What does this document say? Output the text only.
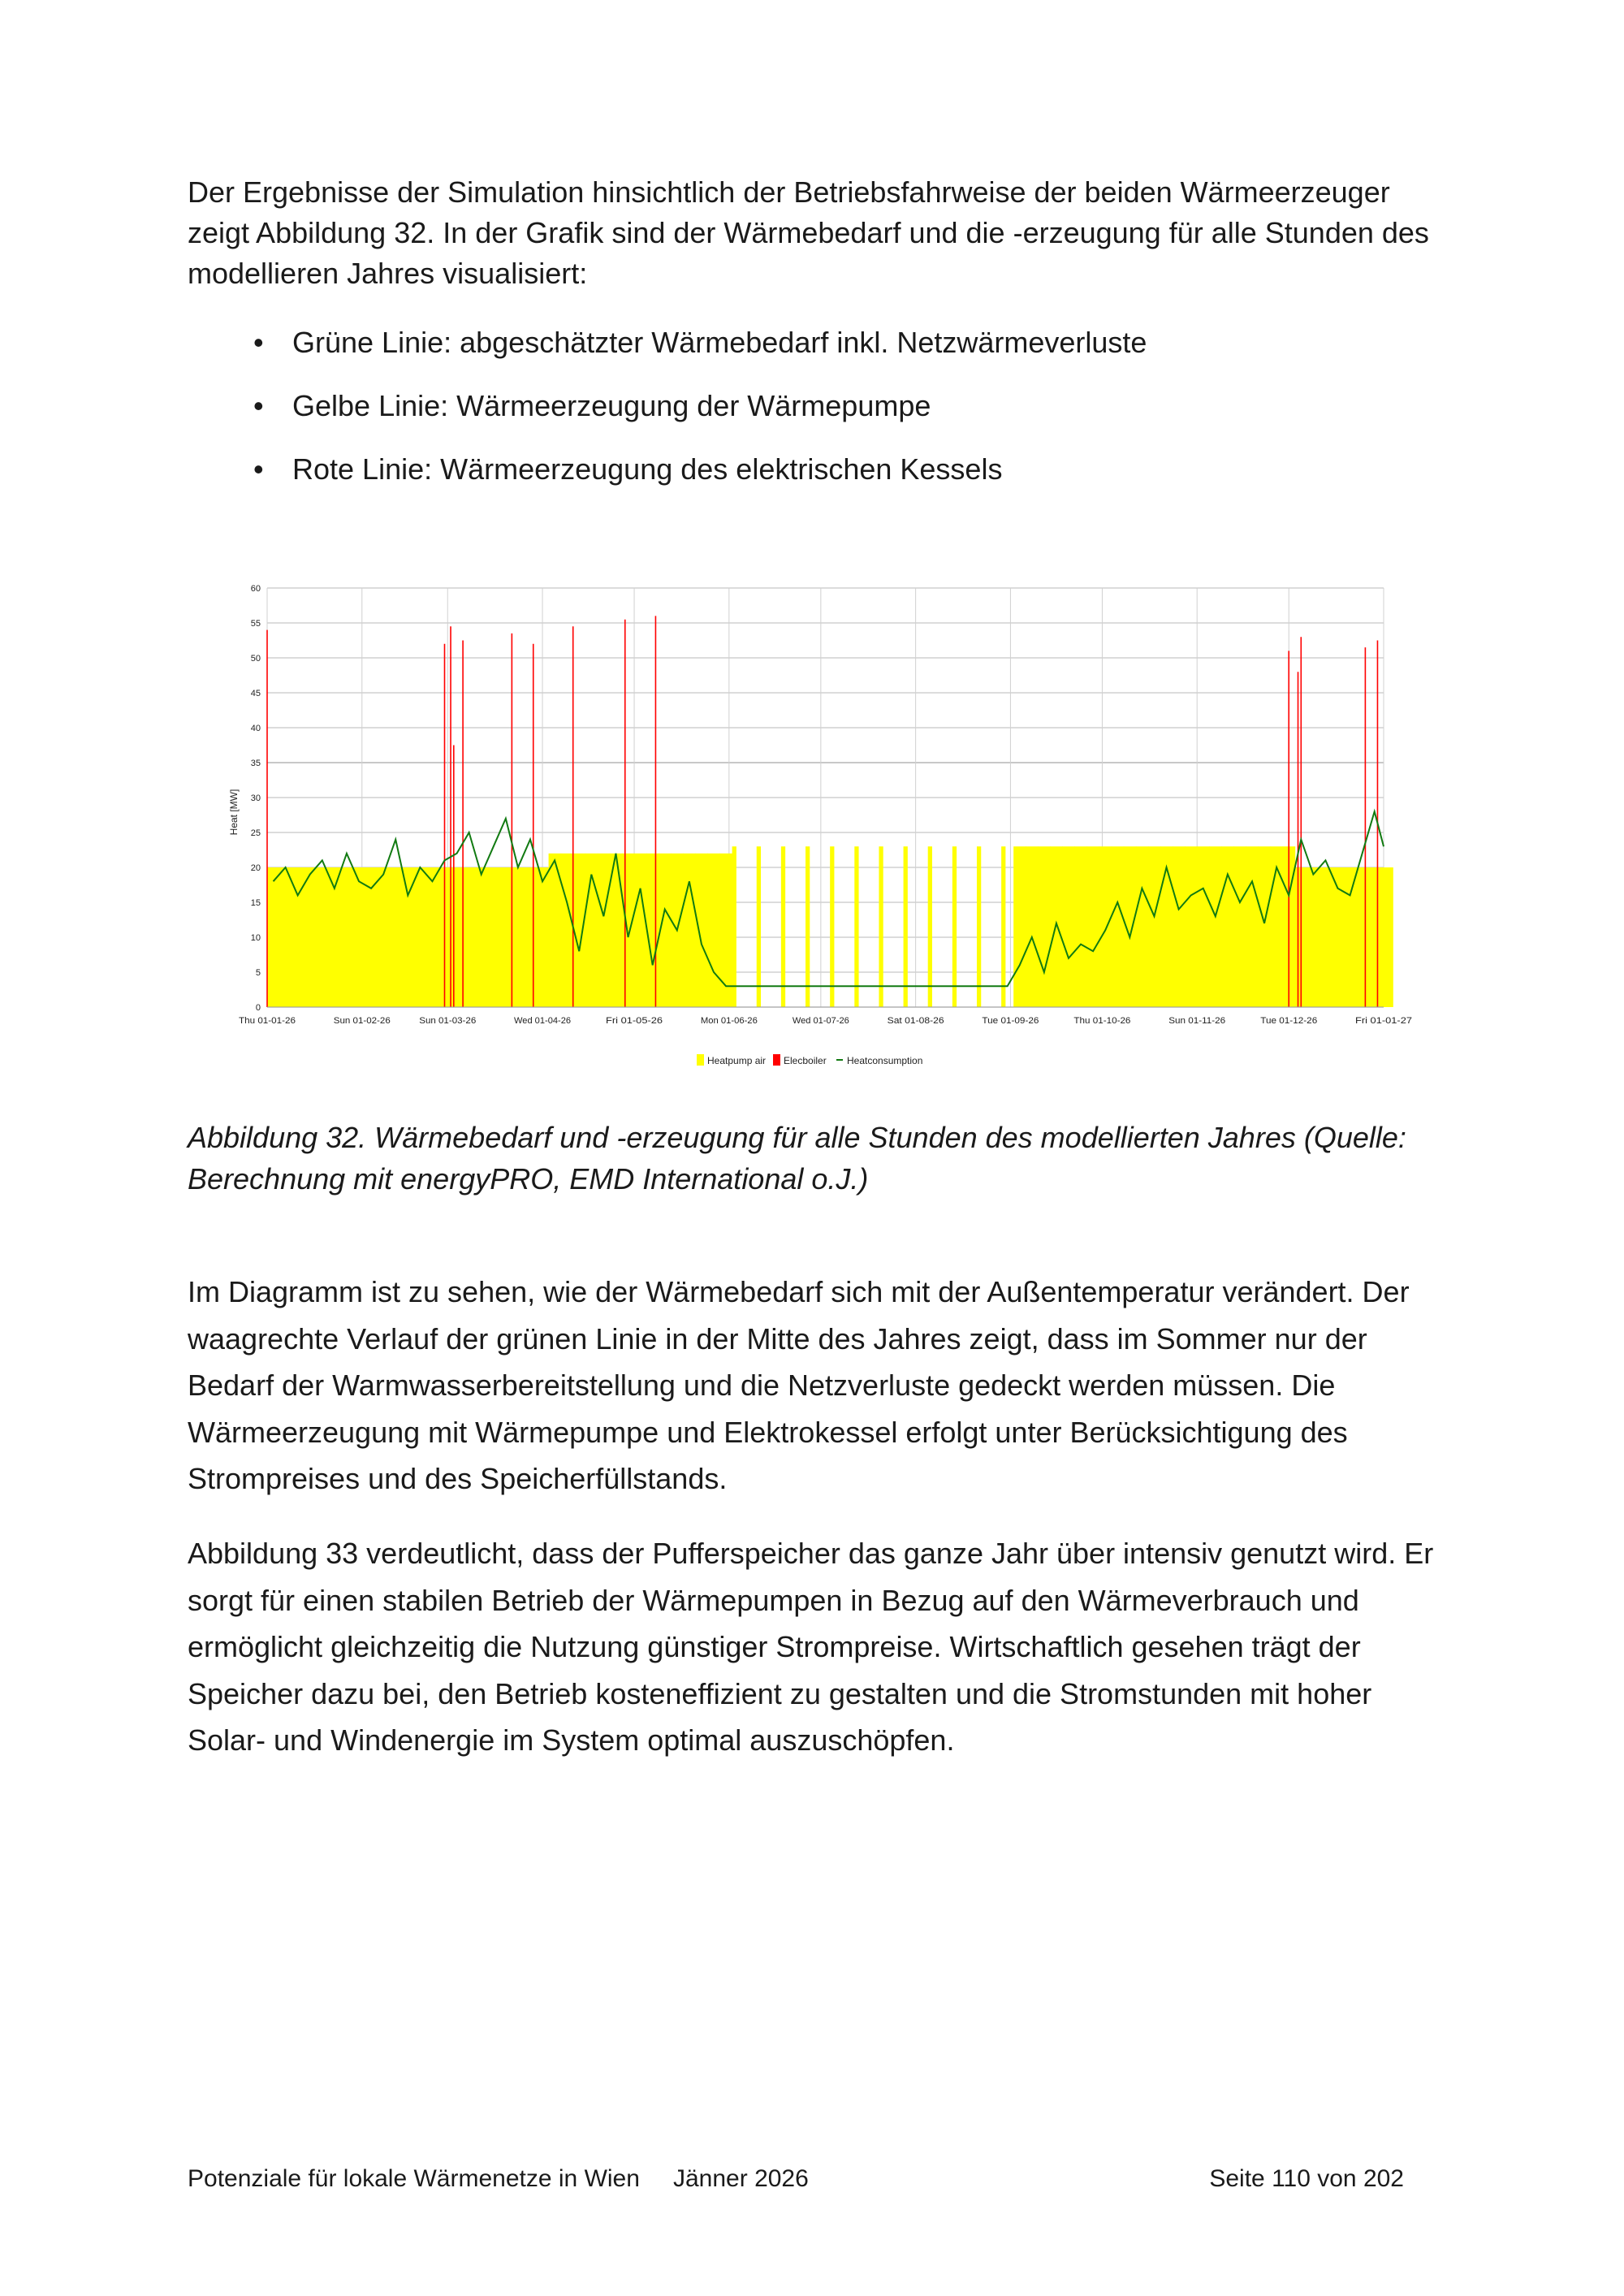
Der Ergebnisse der Simulation hinsichtlich der Betriebsfahrweise der beiden Wärmeerzeuger zeigt Abbildung 32. In der Grafik sind der Wärmebedarf und die -erzeugung für alle Stunden des modellieren Jahres visualisiert:

• Grüne Linie: abgeschätzter Wärmebedarf inkl. Netzwärmeverluste
• Gelbe Linie: Wärmeerzeugung der Wärmepumpe
• Rote Linie: Wärmeerzeugung des elektrischen Kessels
0
5
10
15
20
25
30
35
40
45
50
55
60
Thu 01-01-26	Sun 01-02-26	Sun 01-03-26	Wed 01-04-26	Fri 01-05-26	Mon 01-06-26	Wed 01-07-26	Sat 01-08-26	Tue 01-09-26	Thu 01-10-26	Sun 01-11-26	Tue 01-12-26	Fri 01-01-27
Heat [MW]
Heatpump air Elecboiler Heatconsumption
Abbildung 32. Wärmebedarf und -erzeugung für alle Stunden des modellierten Jahres (Quelle: Berechnung mit energyPRO, EMD International o.J.)

Im Diagramm ist zu sehen, wie der Wärmebedarf sich mit der Außentemperatur verändert. Der waagrechte Verlauf der grünen Linie in der Mitte des Jahres zeigt, dass im Sommer nur der Bedarf der Warmwasserbereitstellung und die Netzverluste gedeckt werden müssen. Die Wärmeerzeugung mit Wärmepumpe und Elektrokessel erfolgt unter Berücksichtigung des Strompreises und des Speicherfüllstands.

Abbildung 33 verdeutlicht, dass der Pufferspeicher das ganze Jahr über intensiv genutzt wird. Er sorgt für einen stabilen Betrieb der Wärmepumpen in Bezug auf den Wärmeverbrauch und ermöglicht gleichzeitig die Nutzung günstiger Strompreise. Wirtschaftlich gesehen trägt der Speicher dazu bei, den Betrieb kosteneffizient zu gestalten und die Stromstunden mit hoher Solar- und Windenergie im System optimal auszuschöpfen.

Potenziale für lokale Wärmenetze in Wien Jänner 2026	Seite 110 von 202
